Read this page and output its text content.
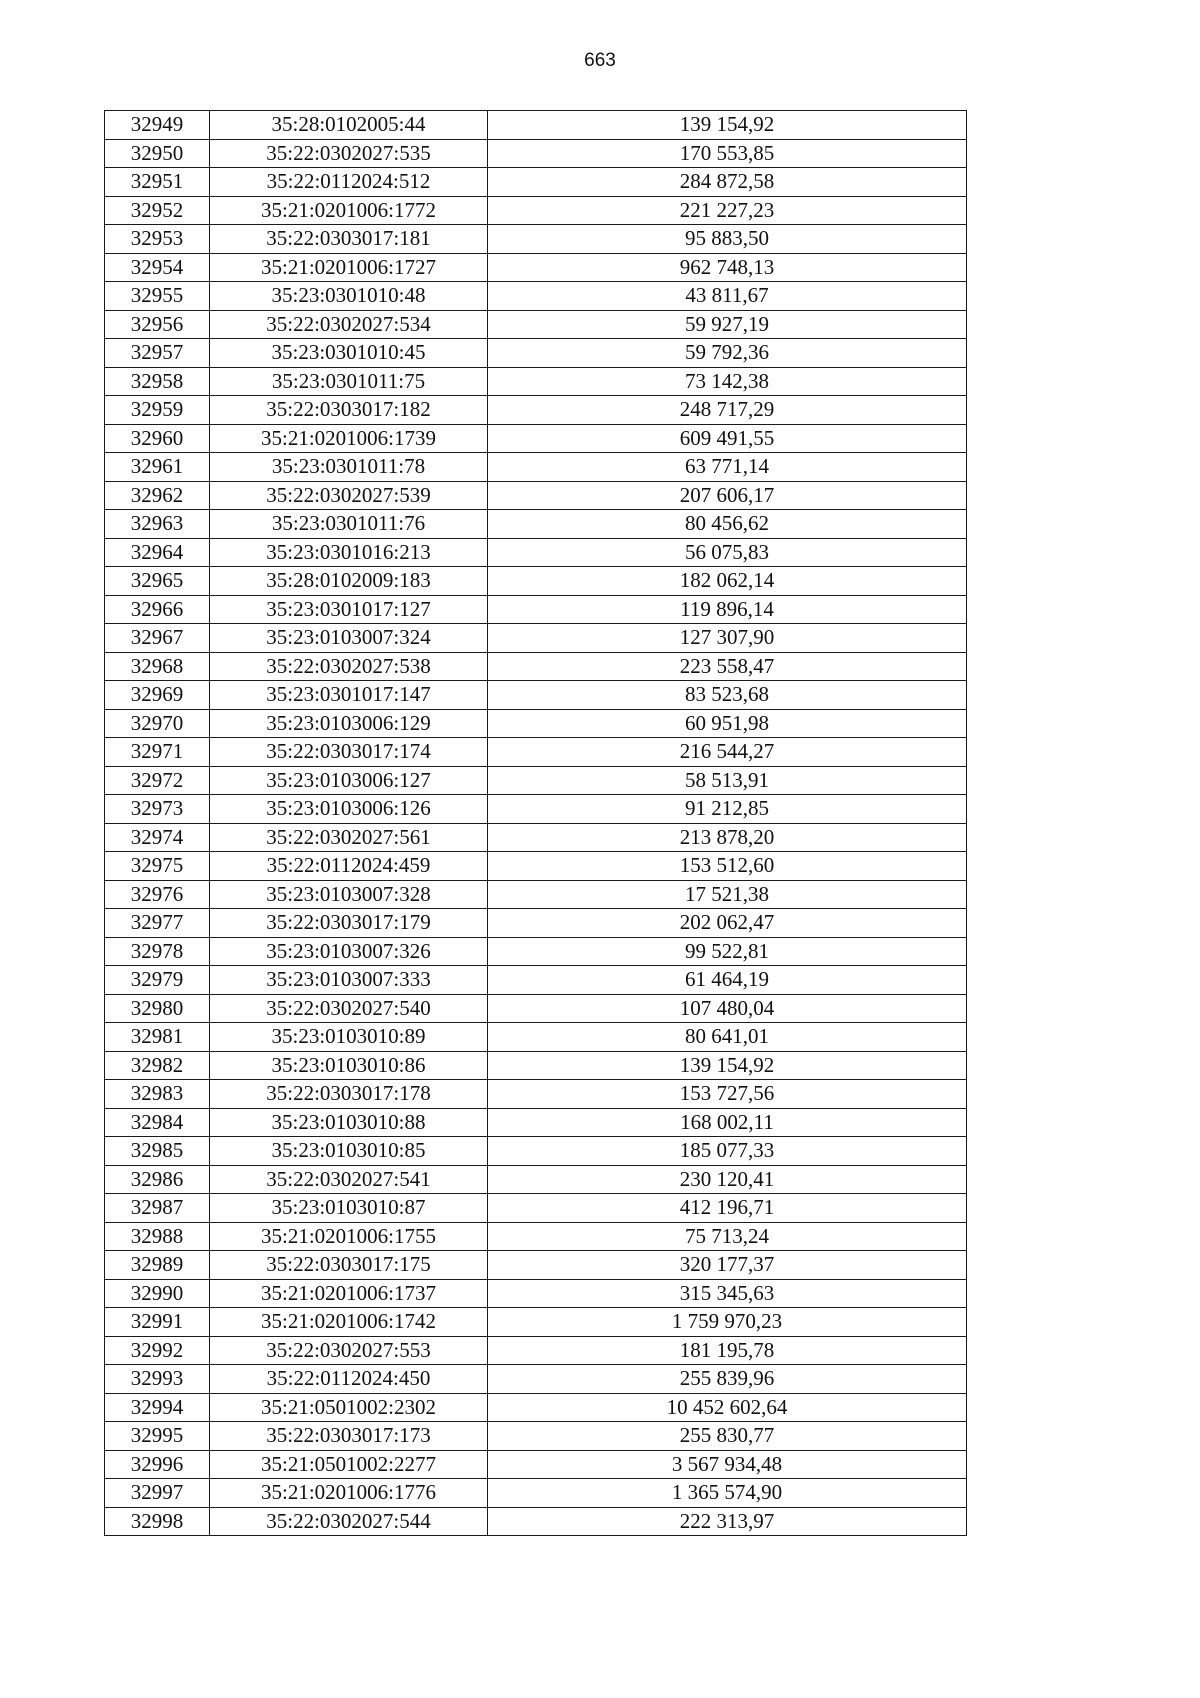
663
32949	35:28:0102005:44	139 154,92
32950	35:22:0302027:535	170 553,85
32951	35:22:0112024:512	284 872,58
32952	35:21:0201006:1772	221 227,23
32953	35:22:0303017:181	95 883,50
32954	35:21:0201006:1727	962 748,13
32955	35:23:0301010:48	43 811,67
32956	35:22:0302027:534	59 927,19
32957	35:23:0301010:45	59 792,36
32958	35:23:0301011:75	73 142,38
32959	35:22:0303017:182	248 717,29
32960	35:21:0201006:1739	609 491,55
32961	35:23:0301011:78	63 771,14
32962	35:22:0302027:539	207 606,17
32963	35:23:0301011:76	80 456,62
32964	35:23:0301016:213	56 075,83
32965	35:28:0102009:183	182 062,14
32966	35:23:0301017:127	119 896,14
32967	35:23:0103007:324	127 307,90
32968	35:22:0302027:538	223 558,47
32969	35:23:0301017:147	83 523,68
32970	35:23:0103006:129	60 951,98
32971	35:22:0303017:174	216 544,27
32972	35:23:0103006:127	58 513,91
32973	35:23:0103006:126	91 212,85
32974	35:22:0302027:561	213 878,20
32975	35:22:0112024:459	153 512,60
32976	35:23:0103007:328	17 521,38
32977	35:22:0303017:179	202 062,47
32978	35:23:0103007:326	99 522,81
32979	35:23:0103007:333	61 464,19
32980	35:22:0302027:540	107 480,04
32981	35:23:0103010:89	80 641,01
32982	35:23:0103010:86	139 154,92
32983	35:22:0303017:178	153 727,56
32984	35:23:0103010:88	168 002,11
32985	35:23:0103010:85	185 077,33
32986	35:22:0302027:541	230 120,41
32987	35:23:0103010:87	412 196,71
32988	35:21:0201006:1755	75 713,24
32989	35:22:0303017:175	320 177,37
32990	35:21:0201006:1737	315 345,63
32991	35:21:0201006:1742	1 759 970,23
32992	35:22:0302027:553	181 195,78
32993	35:22:0112024:450	255 839,96
32994	35:21:0501002:2302	10 452 602,64
32995	35:22:0303017:173	255 830,77
32996	35:21:0501002:2277	3 567 934,48
32997	35:21:0201006:1776	1 365 574,90
32998	35:22:0302027:544	222 313,97
